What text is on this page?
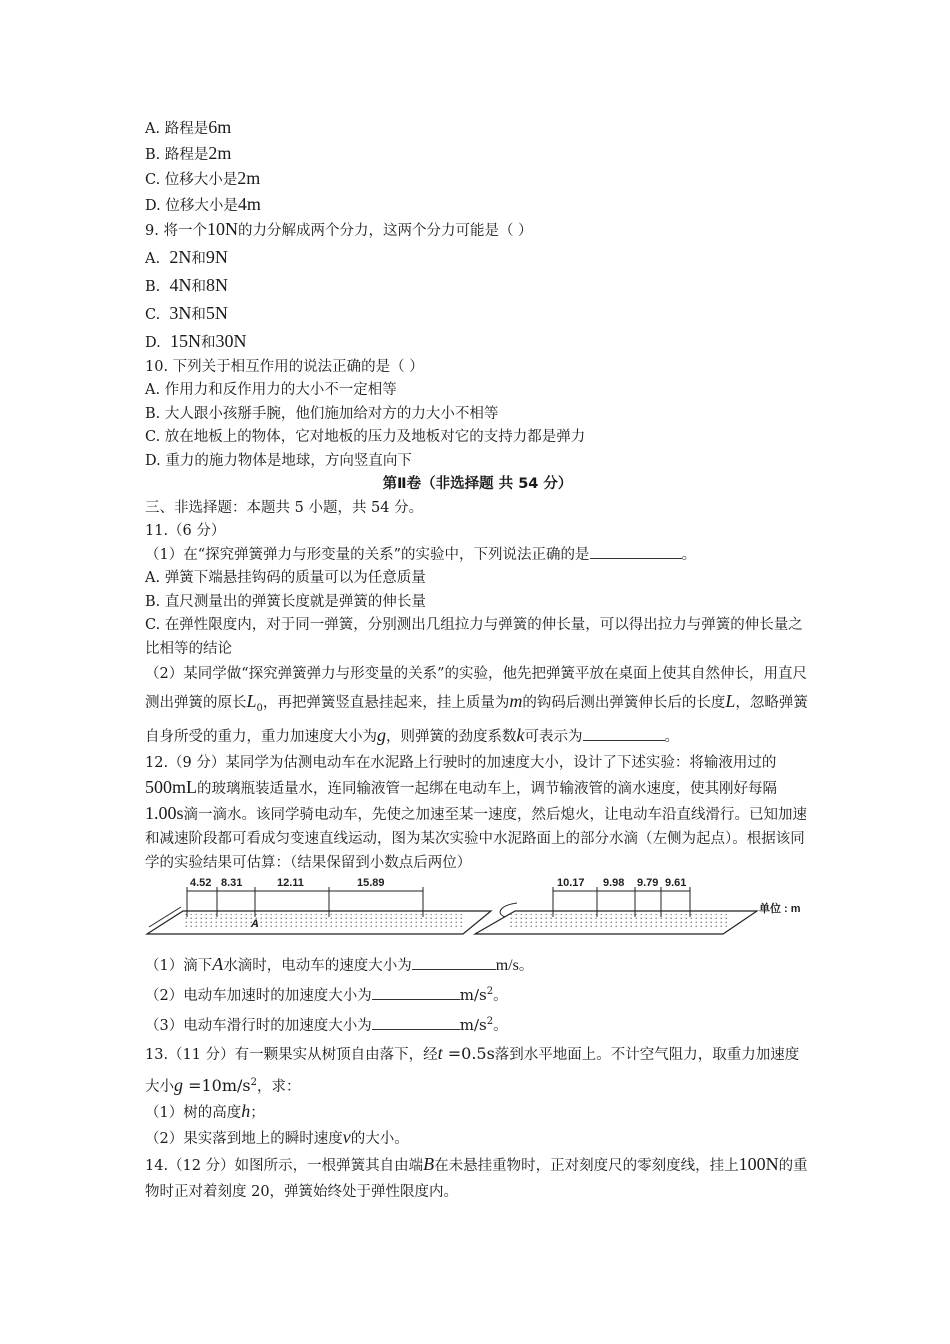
A. 路程是6m
B. 路程是2m
C. 位移大小是2m
D. 位移大小是4m
9. 将一个10N的力分解成两个分力，这两个分力可能是（ ）
A. 2N和9N
B. 4N和8N
C. 3N和5N
D. 15N和30N
10. 下列关于相互作用的说法正确的是（ ）
A. 作用力和反作用力的大小不一定相等
B. 大人跟小孩掰手腕，他们施加给对方的力大小不相等
C. 放在地板上的物体，它对地板的压力及地板对它的支持力都是弹力
D. 重力的施力物体是地球，方向竖直向下
第Ⅱ卷（非选择题 共 54 分）
三、非选择题：本题共 5 小题，共 54 分。
11.（6 分）
（1）在“探究弹簧弹力与形变量的关系”的实验中，下列说法正确的是	。
A. 弹簧下端悬挂钩码的质量可以为任意质量
B. 直尺测量出的弹簧长度就是弹簧的伸长量
C. 在弹性限度内，对于同一弹簧，分别测出几组拉力与弹簧的伸长量，可以得出拉力与弹簧的伸长量之比相等的结论
（2）某同学做“探究弹簧弹力与形变量的关系”的实验，他先把弹簧平放在桌面上使其自然伸长，用直尺测出弹簧的原长$L_0$，再把弹簧竖直悬挂起来，挂上质量为m的钩码后测出弹簧伸长后的长度L，忽略弹簧自身所受的重力，重力加速度大小为g，则弹簧的劲度系数k可表示为	。
12.（9 分）某同学为估测电动车在水泥路上行驶时的加速度大小，设计了下述实验：将输液用过的500mL的玻璃瓶装适量水，连同输液管一起绑在电动车上，调节输液管的滴水速度，使其刚好每隔1.00s滴一滴水。该同学骑电动车，先使之加速至某一速度，然后熄火，让电动车沿直线滑行。已知加速和减速阶段都可看成匀变速直线运动，图为某次实验中水泥路面上的部分水滴（左侧为起点）。根据该同学的实验结果可估算：（结果保留到小数点后两位）
4.52 8.31	12.11	15.89
A
10.17 9.98 9.79 9.61
单位 : m
（1）滴下A水滴时，电动车的速度大小为	m/s。
（2）电动车加速时的加速度大小为	$m/s^2$。
（3）电动车滑行时的加速度大小为	$m/s^2$。
13.（11 分）有一颗果实从树顶自由落下，经t =0.5s落到水平地面上。不计空气阻力，取重力加速度大小$g =10m/s^2$，求：
（1）树的高度h；
（2）果实落到地上的瞬时速度v的大小。
14.（12 分）如图所示，一根弹簧其自由端B在未悬挂重物时，正对刻度尺的零刻度线，挂上100N的重物时正对着刻度 20，弹簧始终处于弹性限度内。
